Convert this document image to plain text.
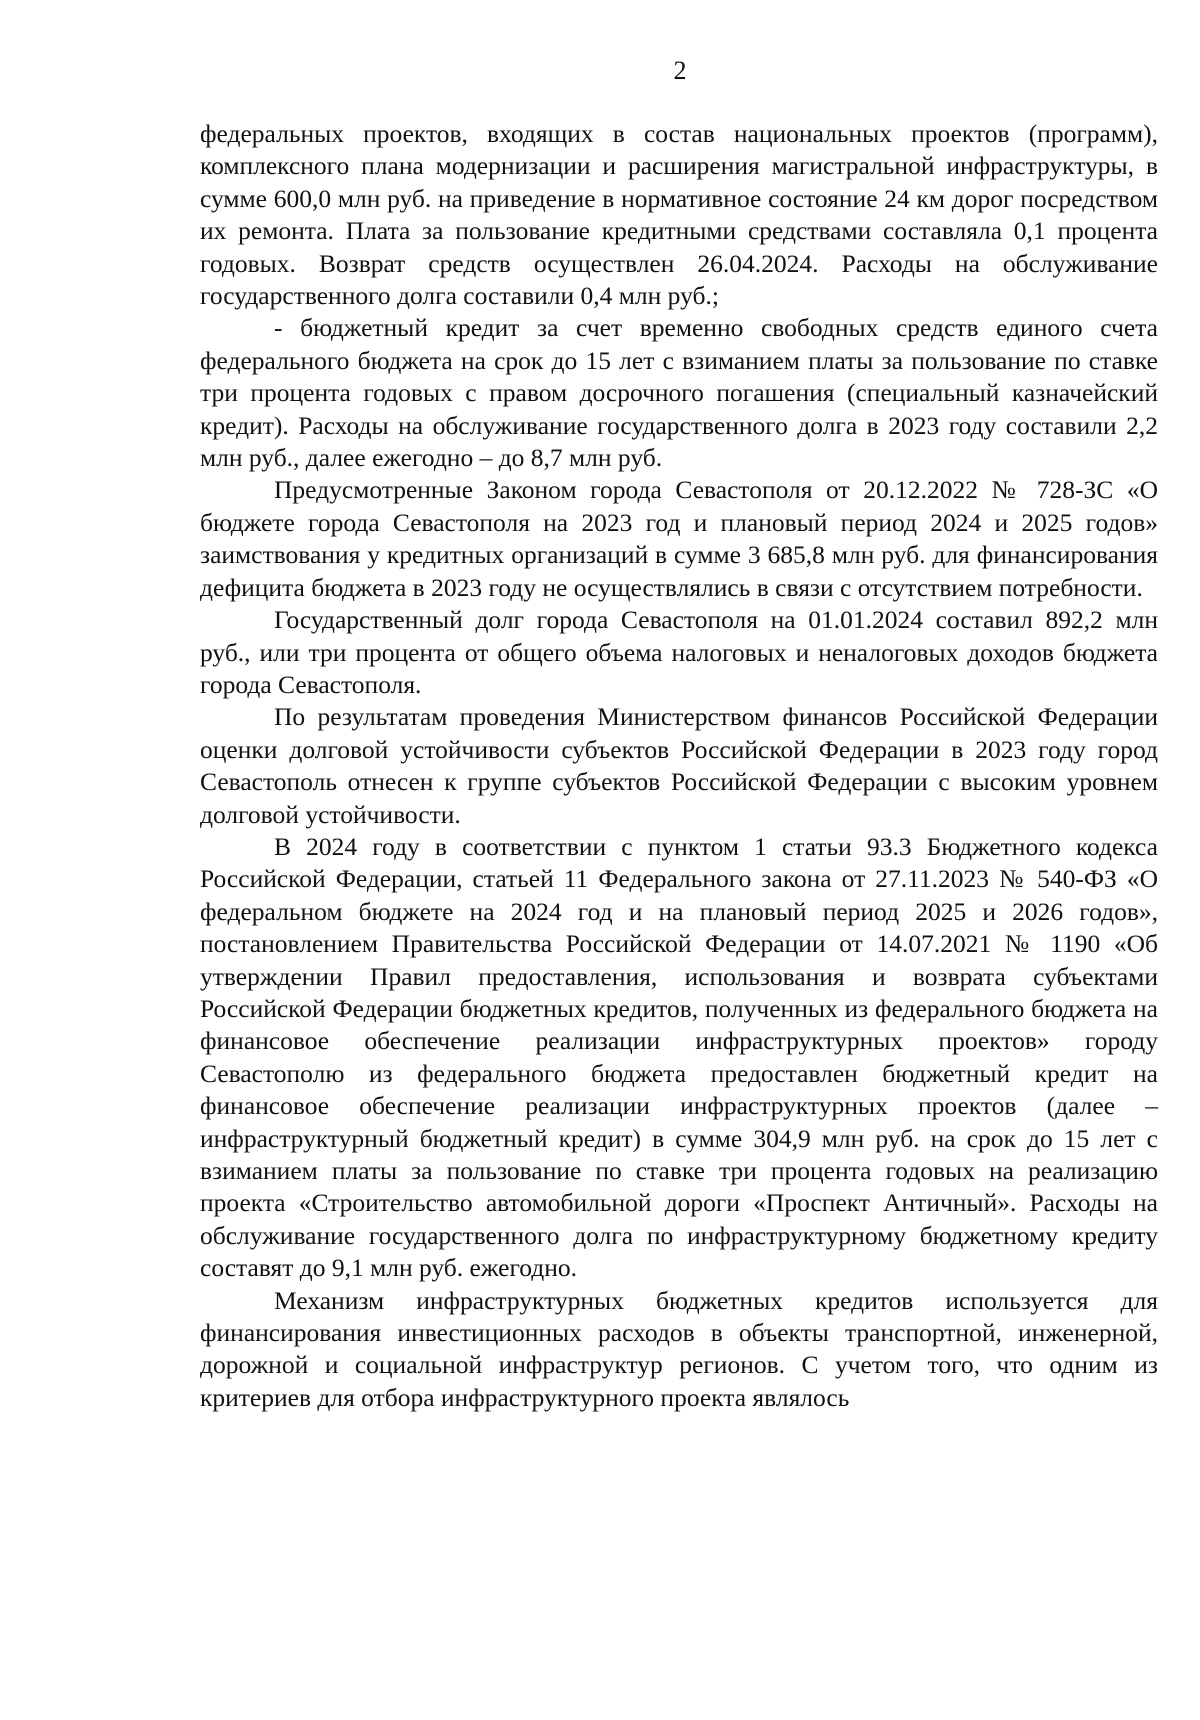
2

федеральных проектов, входящих в состав национальных проектов (программ), комплексного плана модернизации и расширения магистральной инфраструктуры, в сумме 600,0 млн руб. на приведение в нормативное состояние 24 км дорог посредством их ремонта. Плата за пользование кредитными средствами составляла 0,1 процента годовых. Возврат средств осуществлен 26.04.2024. Расходы на обслуживание государственного долга составили 0,4 млн руб.;

- бюджетный кредит за счет временно свободных средств единого счета федерального бюджета на срок до 15 лет с взиманием платы за пользование по ставке три процента годовых с правом досрочного погашения (специальный казначейский кредит). Расходы на обслуживание государственного долга в 2023 году составили 2,2 млн руб., далее ежегодно – до 8,7 млн руб.

Предусмотренные Законом города Севастополя от 20.12.2022 № 728-ЗС «О бюджете города Севастополя на 2023 год и плановый период 2024 и 2025 годов» заимствования у кредитных организаций в сумме 3 685,8 млн руб. для финансирования дефицита бюджета в 2023 году не осуществлялись в связи с отсутствием потребности.

Государственный долг города Севастополя на 01.01.2024 составил 892,2 млн руб., или три процента от общего объема налоговых и неналоговых доходов бюджета города Севастополя.

По результатам проведения Министерством финансов Российской Федерации оценки долговой устойчивости субъектов Российской Федерации в 2023 году город Севастополь отнесен к группе субъектов Российской Федерации с высоким уровнем долговой устойчивости.

В 2024 году в соответствии с пунктом 1 статьи 93.3 Бюджетного кодекса Российской Федерации, статьей 11 Федерального закона от 27.11.2023 № 540-ФЗ «О федеральном бюджете на 2024 год и на плановый период 2025 и 2026 годов», постановлением Правительства Российской Федерации от 14.07.2021 № 1190 «Об утверждении Правил предоставления, использования и возврата субъектами Российской Федерации бюджетных кредитов, полученных из федерального бюджета на финансовое обеспечение реализации инфраструктурных проектов» городу Севастополю из федерального бюджета предоставлен бюджетный кредит на финансовое обеспечение реализации инфраструктурных проектов (далее – инфраструктурный бюджетный кредит) в сумме 304,9 млн руб. на срок до 15 лет с взиманием платы за пользование по ставке три процента годовых на реализацию проекта «Строительство автомобильной дороги «Проспект Античный». Расходы на обслуживание государственного долга по инфраструктурному бюджетному кредиту составят до 9,1 млн руб. ежегодно.

Механизм инфраструктурных бюджетных кредитов используется для финансирования инвестиционных расходов в объекты транспортной, инженерной, дорожной и социальной инфраструктур регионов. С учетом того, что одним из критериев для отбора инфраструктурного проекта являлось
